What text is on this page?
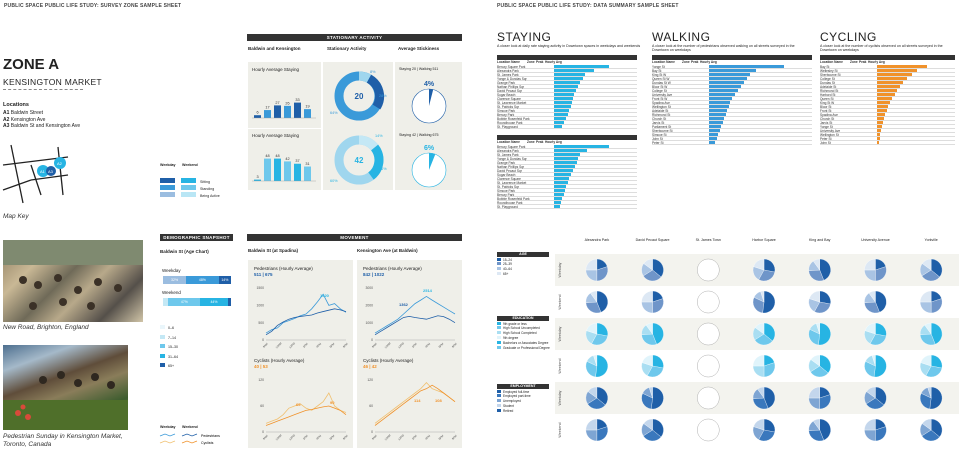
PUBLIC SPACE PUBLIC LIFE STUDY: SURVEY ZONE SAMPLE SHEET	PUBLIC SPACE PUBLIC LIFE STUDY: DATA SUMMARY SAMPLE SHEET
ZONE A
KENSINGTON MARKET
Locations
A1 Baldwin Street
A2 Kensington Ave
A3 Baldwin St and Kensington Ave
A1
A2
A3
Map Key
New Road, Brighton, England
Pedestrian Sunday in Kensington Market, Toronto, Canada
STATIONARY ACTIVITY
Baldwin and Kensington	Stationary Activity	Average Stickiness
Hourly Average Staying
6
17
27 26
33
19
Hourly Average Staying
3
48 48
42
37
31
20
8%
28%
64%
42
14%
26%
60%
Staying 20 | Walking 511
4%
Staying 42 | Walking 675
6%
Weekday Weekend
Sitting
Standing
Being Active
DEMOGRAPHIC SNAPSHOT
Baldwin St (Age Chart)
Weekday
32%	48%	14%
Weekend
47%	44%
0–6
7–14
15–30
31–64
65+
Weekday Weekend
Pedestrians
Cyclists
MOVEMENT
Baldwin St (at Spadina)	Kensington Ave (at Baldwin)
Pedestrians (Hourly Average)
511 | 675
1500
1000
500
0
8AM 10AM 12PM 2PM 4PM 6PM 8PM
1320
Cyclists (Hourly Average)
40 | 53
120
60
0
8AM 10AM 12PM 2PM 4PM 6PM 8PM
65	90
Pedestrians (Hourly Average)
842 | 1022
3000
2000
1000
0
8AM 10AM 12PM 2PM 4PM 6PM 8PM
2514
1362
Cyclists (Hourly Average)
46 | 42
120
60
0
8AM 10AM 12PM 2PM 4PM 6PM 8PM
114	108
STAYING
A closer look at daily rate staying activity in Downtown spaces in weekdays and weekends
WALKING
A closer look at the number of pedestrians observed walking on all streets surveyed in the Downtown on weekdays
CYCLING
A closer look at the number of cyclists observed on all streets surveyed in the Downtown on weekdays
Location Name	Zone Peak Hourly Avg
Berczy Square Park
Alexandra Park
St. James Park
Yonge & Dundas Sqr
Grange Park
Nathan Phillips Sqr
David Pecaut Sqr
Sugar Beach
Clarence Square
St. Lawrence Market
St. Patricks Sqr
Simcoe Park
Berczy Park
Bobbie Rosenfeld Park
Roundhouse Park
St. Playground
Location Name	Zone Peak Hourly Avg
Berczy Square Park
Alexandra Park
St. James Park
Yonge & Dundas Sqr
Grange Park
Nathan Phillips Sqr
David Pecaut Sqr
Sugar Beach
Clarence Square
St. Lawrence Market
St. Patricks Sqr
Simcoe Park
Berczy Park
Bobbie Rosenfeld Park
Roundhouse Park
St. Playground
Location Name	Zone Peak Hourly Avg
Yonge St
Bay St
King St W
Queen St W
Dundas St W
Bloor St W
College St
University Ave
Front St W
Spadina Ave
Wellington St
Adelaide St
Richmond St
Church St
Jarvis St
Parliament St
Sherbourne St
Simcoe St
John St
Peter St
Location Name	Zone Peak Hourly Avg
Bay St
Wellesley St
Sherbourne St
College St
Dundas St
Adelaide St
Richmond St
Harbord St
Queen St
King St W
Bloor St
Front St
Spadina Ave
Church St
Jarvis St
Yonge St
University Ave
Wellington St
Peter St
John St
Alexandra Park	David Pecaut Square	St. James Town	Harbor Square	King and Bay	University Avenue	Yorkville
Weekday
Weekend
Weekday
Weekend
Weekday
Weekend
AGE
15–24
25–39
40–64
65+
EDUCATION
9th grade or less
High School Uncompleted
High School Completed
9th degree
Bachelors or Associates Degree
Graduate or Professional Degree
EMPLOYMENT
Employed full-time
Employed part-time
Unemployed
Student
Retired
